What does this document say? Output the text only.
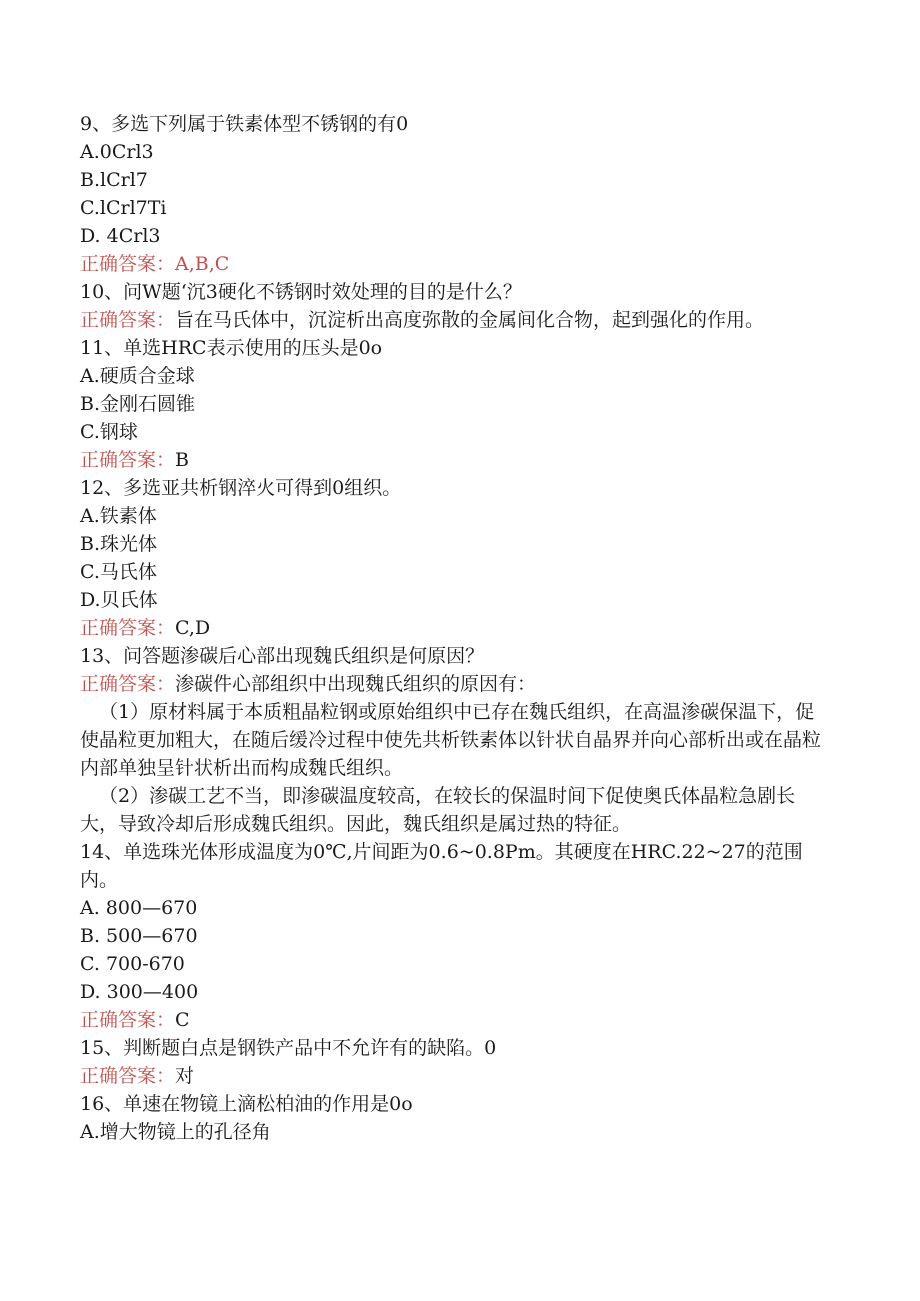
9、多选下列属于铁素体型不锈钢的有0

A.0Crl3

B.lCrl7

C.lCrl7Ti

D. 4Crl3

正确答案：A,B,C

10、问W题‘沉3硬化不锈钢时效处理的目的是什么？

正确答案：旨在马氏体中，沉淀析出高度弥散的金属间化合物，起到强化的作用。

11、单选HRC表示使用的压头是0o

A.硬质合金球

B.金刚石圆锥

C.钢球

正确答案：B

12、多选亚共析钢淬火可得到0组织。

A.铁素体

B.珠光体

C.马氏体

D.贝氏体

正确答案：C,D

13、问答题渗碳后心部出现魏氏组织是何原因？

正确答案：渗碳件心部组织中出现魏氏组织的原因有：

（1）原材料属于本质粗晶粒钢或原始组织中已存在魏氏组织，在高温渗碳保温下，促使晶粒更加粗大，在随后缓冷过程中使先共析铁素体以针状自晶界并向心部析出或在晶粒内部单独呈针状析出而构成魏氏组织。

（2）渗碳工艺不当，即渗碳温度较高，在较长的保温时间下促使奥氏体晶粒急剧长大，导致冷却后形成魏氏组织。因此，魏氏组织是属过热的特征。

14、单选珠光体形成温度为0℃,片间距为0.6~0.8Pm。其硬度在HRC.22~27的范围内。

A. 800—670

B. 500—670

C. 700-670

D. 300—400

正确答案：C

15、判断题白点是钢铁产品中不允许有的缺陷。0

正确答案：对

16、单速在物镜上滴松柏油的作用是0o

A.增大物镜上的孔径角
